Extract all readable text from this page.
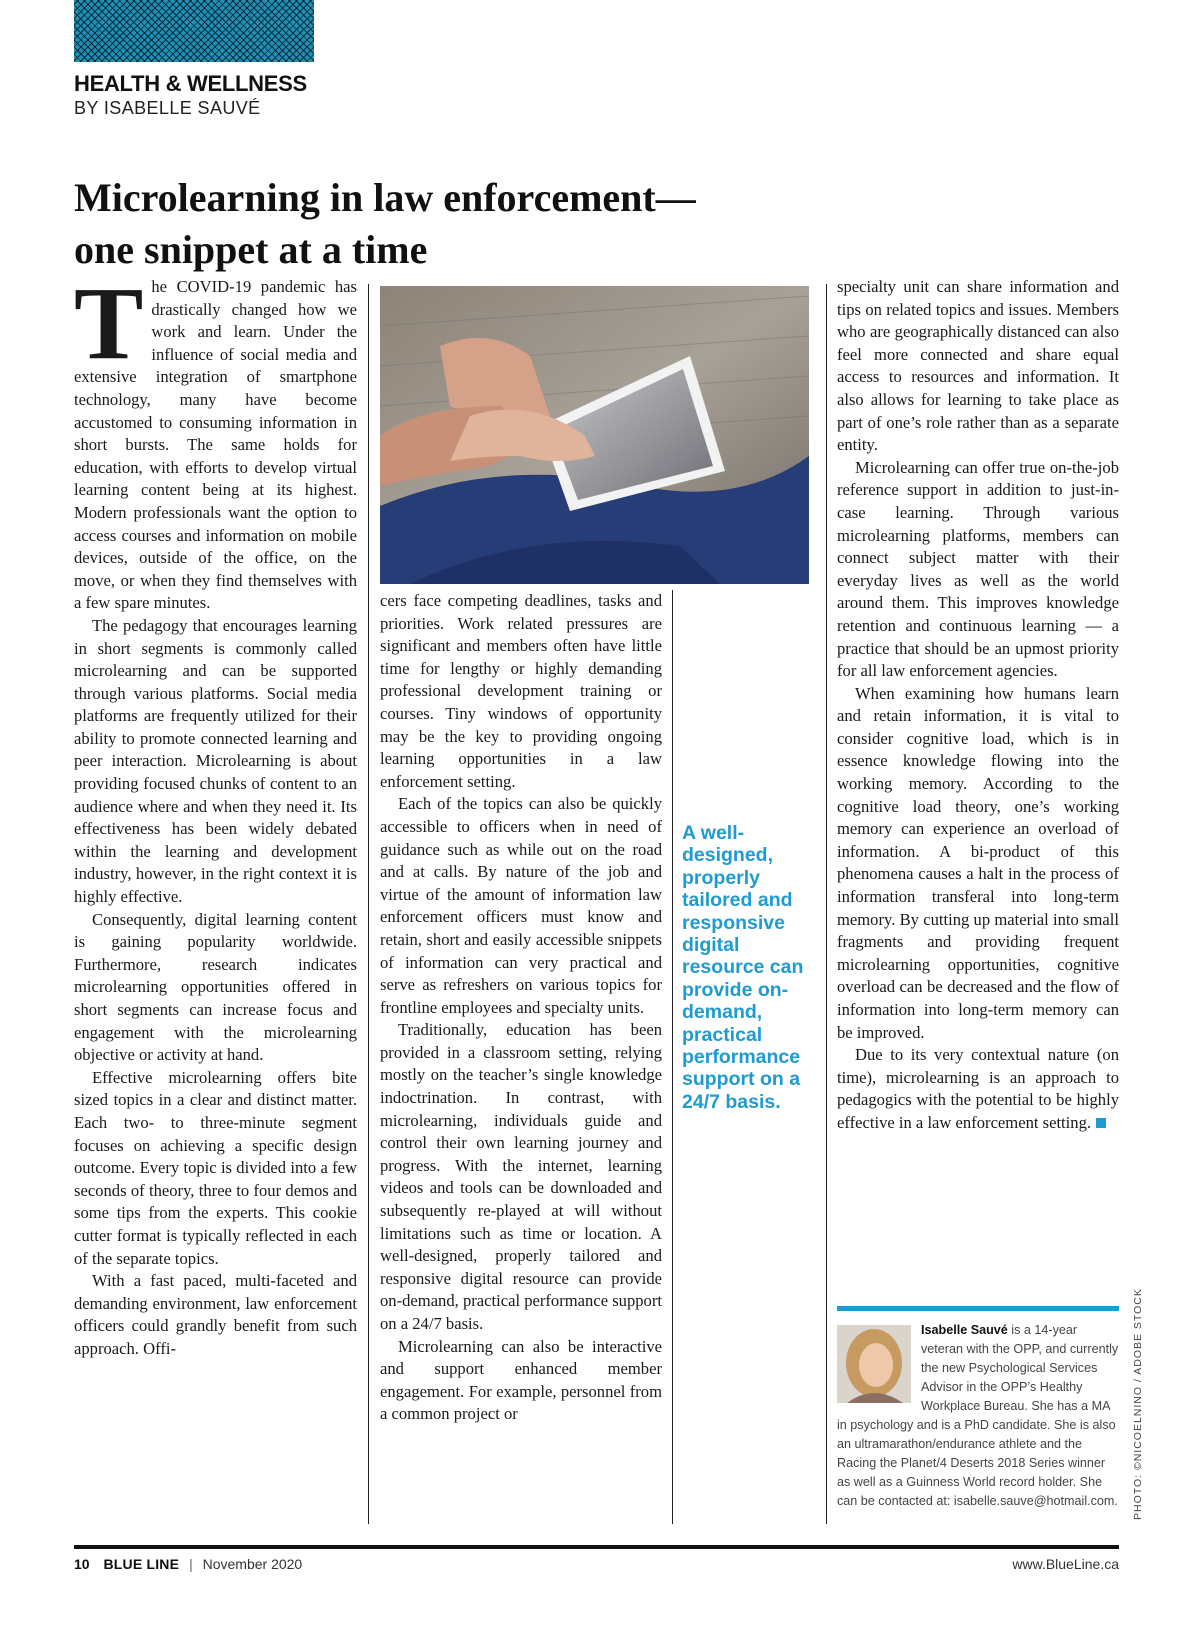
HEALTH & WELLNESS
BY ISABELLE SAUVÉ
Microlearning in law enforcement—
one snippet at a time

The COVID-19 pandemic has drastically changed how we work and learn. Under the influence of social media and extensive integration of smartphone technology, many have become accustomed to consuming information in short bursts. The same holds for education, with efforts to develop virtual learning content being at its highest. Modern professionals want the option to access courses and information on mobile devices, outside of the office, on the move, or when they find themselves with a few spare minutes.

The pedagogy that encourages learning in short segments is commonly called microlearning and can be supported through various platforms. Social media platforms are frequently utilized for their ability to promote connected learning and peer interaction. Microlearning is about providing focused chunks of content to an audience where and when they need it. Its effectiveness has been widely debated within the learning and development industry, however, in the right context it is highly effective.

Consequently, digital learning content is gaining popularity worldwide. Furthermore, research indicates microlearning opportunities offered in short segments can increase focus and engagement with the microlearning objective or activity at hand.

Effective microlearning offers bite sized topics in a clear and distinct matter. Each two- to three-minute segment focuses on achieving a specific design outcome. Every topic is divided into a few seconds of theory, three to four demos and some tips from the experts. This cookie cutter format is typically reflected in each of the separate topics.

With a fast paced, multi-faceted and demanding environment, law enforcement officers could grandly benefit from such approach. Offi-

cers face competing deadlines, tasks and priorities. Work related pressures are significant and members often have little time for lengthy or highly demanding professional development training or courses. Tiny windows of opportunity may be the key to providing ongoing learning opportunities in a law enforcement setting.

Each of the topics can also be quickly accessible to officers when in need of guidance such as while out on the road and at calls. By nature of the job and virtue of the amount of information law enforcement officers must know and retain, short and easily accessible snippets of information can very practical and serve as refreshers on various topics for frontline employees and specialty units.

Traditionally, education has been provided in a classroom setting, relying mostly on the teacher’s single knowledge indoctrination. In contrast, with microlearning, individuals guide and control their own learning journey and progress. With the internet, learning videos and tools can be downloaded and subsequently re-played at will without limitations such as time or location. A well-designed, properly tailored and responsive digital resource can provide on-demand, practical performance support on a 24/7 basis.

Microlearning can also be interactive and support enhanced member engagement. For example, personnel from a common project or

A well-designed, properly tailored and responsive digital resource can provide on-demand, practical performance support on a 24/7 basis.

specialty unit can share information and tips on related topics and issues. Members who are geographically distanced can also feel more connected and share equal access to resources and information. It also allows for learning to take place as part of one’s role rather than as a separate entity.

Microlearning can offer true on-the-job reference support in addition to just-in-case learning. Through various microlearning platforms, members can connect subject matter with their everyday lives as well as the world around them. This improves knowledge retention and continuous learning — a practice that should be an upmost priority for all law enforcement agencies.

When examining how humans learn and retain information, it is vital to consider cognitive load, which is in essence knowledge flowing into the working memory. According to the cognitive load theory, one’s working memory can experience an overload of information. A bi-product of this phenomena causes a halt in the process of information transferal into long-term memory. By cutting up material into small fragments and providing frequent microlearning opportunities, cognitive overload can be decreased and the flow of information into long-term memory can be improved.

Due to its very contextual nature (on time), microlearning is an approach to pedagogics with the potential to be highly effective in a law enforcement setting.

Isabelle Sauvé is a 14-year veteran with the OPP, and currently the new Psychological Services Advisor in the OPP’s Healthy Workplace Bureau. She has a MA in psychology and is a PhD candidate. She is also an ultramarathon/endurance athlete and the Racing the Planet/4 Deserts 2018 Series winner as well as a Guinness World record holder. She can be contacted at: isabelle.sauve@hotmail.com. PHOTO: ©NICOELNINO / ADOBE STOCK
10 BLUE LINE | November 2020	www.BlueLine.ca
